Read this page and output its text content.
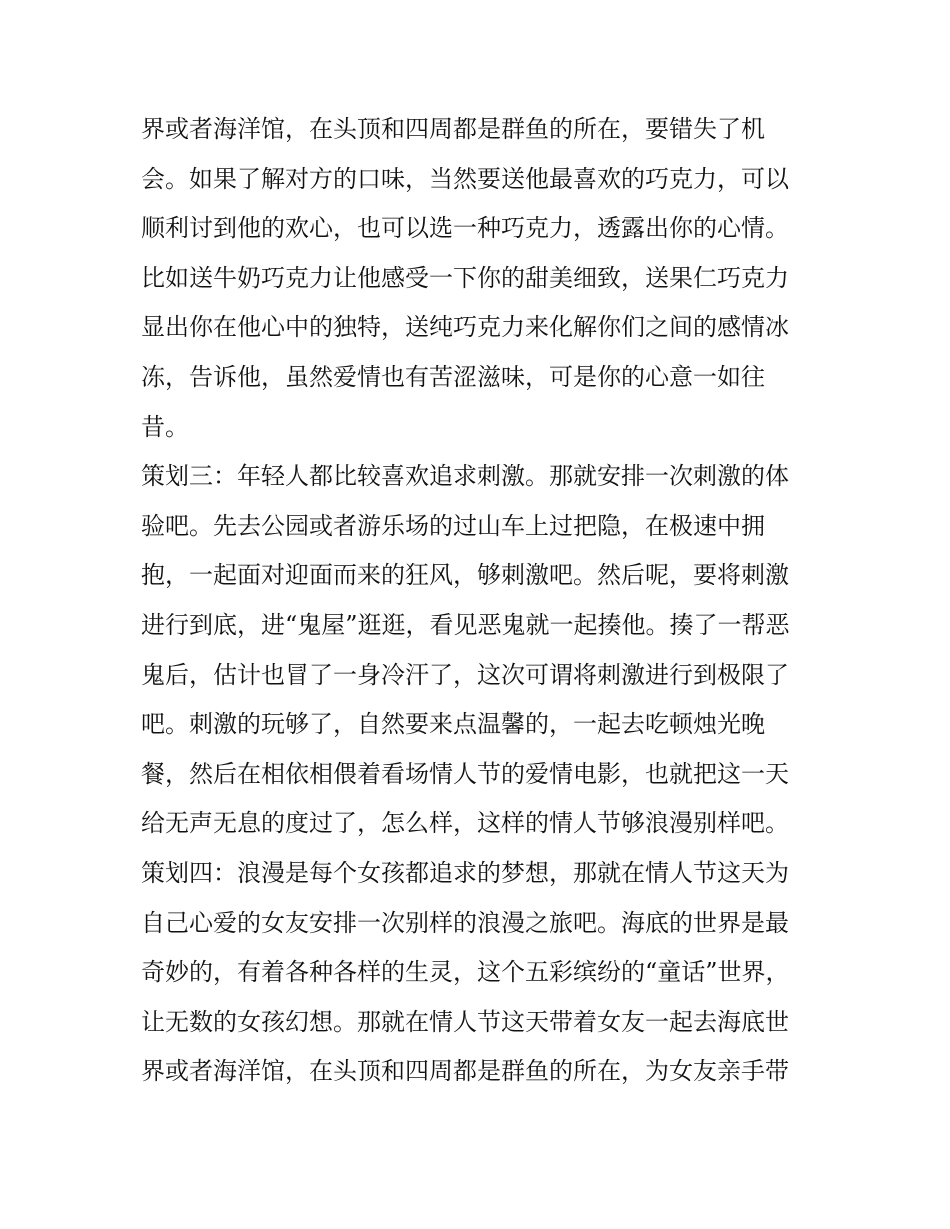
界或者海洋馆，在头顶和四周都是群鱼的所在，要错失了机
会。如果了解对方的口味，当然要送他最喜欢的巧克力，可以
顺利讨到他的欢心，也可以选一种巧克力，透露出你的心情。
比如送牛奶巧克力让他感受一下你的甜美细致，送果仁巧克力
显出你在他心中的独特，送纯巧克力来化解你们之间的感情冰
冻，告诉他，虽然爱情也有苦涩滋味，可是你的心意一如往
昔。
策划三：年轻人都比较喜欢追求刺激。那就安排一次刺激的体
验吧。先去公园或者游乐场的过山车上过把隐，在极速中拥
抱，一起面对迎面而来的狂风，够刺激吧。然后呢，要将刺激
进行到底，进“鬼屋”逛逛，看见恶鬼就一起揍他。揍了一帮恶
鬼后，估计也冒了一身冷汗了，这次可谓将刺激进行到极限了
吧。刺激的玩够了，自然要来点温馨的，一起去吃顿烛光晚
餐，然后在相依相偎着看场情人节的爱情电影，也就把这一天
给无声无息的度过了，怎么样，这样的情人节够浪漫别样吧。
策划四：浪漫是每个女孩都追求的梦想，那就在情人节这天为
自己心爱的女友安排一次别样的浪漫之旅吧。海底的世界是最
奇妙的，有着各种各样的生灵，这个五彩缤纷的“童话”世界，
让无数的女孩幻想。那就在情人节这天带着女友一起去海底世
界或者海洋馆，在头顶和四周都是群鱼的所在，为女友亲手带
